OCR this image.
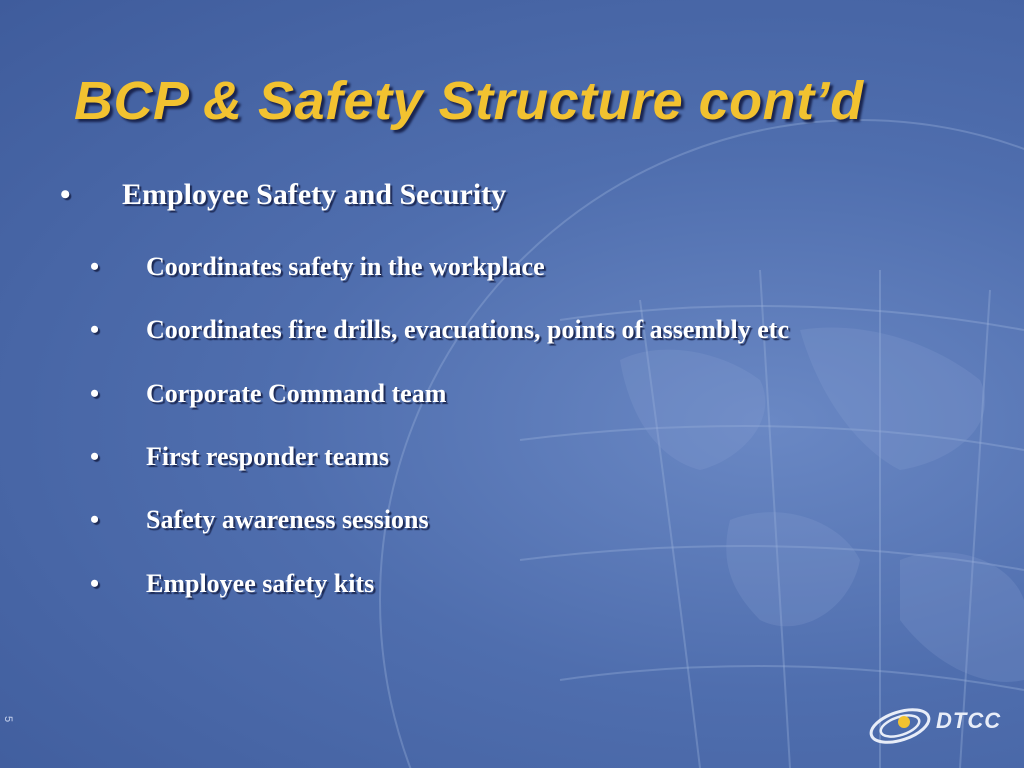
BCP & Safety Structure cont’d
• Employee Safety and Security
• Coordinates safety in the workplace
• Coordinates fire drills, evacuations, points of assembly etc
• Corporate Command team
• First responder teams
• Safety awareness sessions
• Employee safety kits
5	DTCC
